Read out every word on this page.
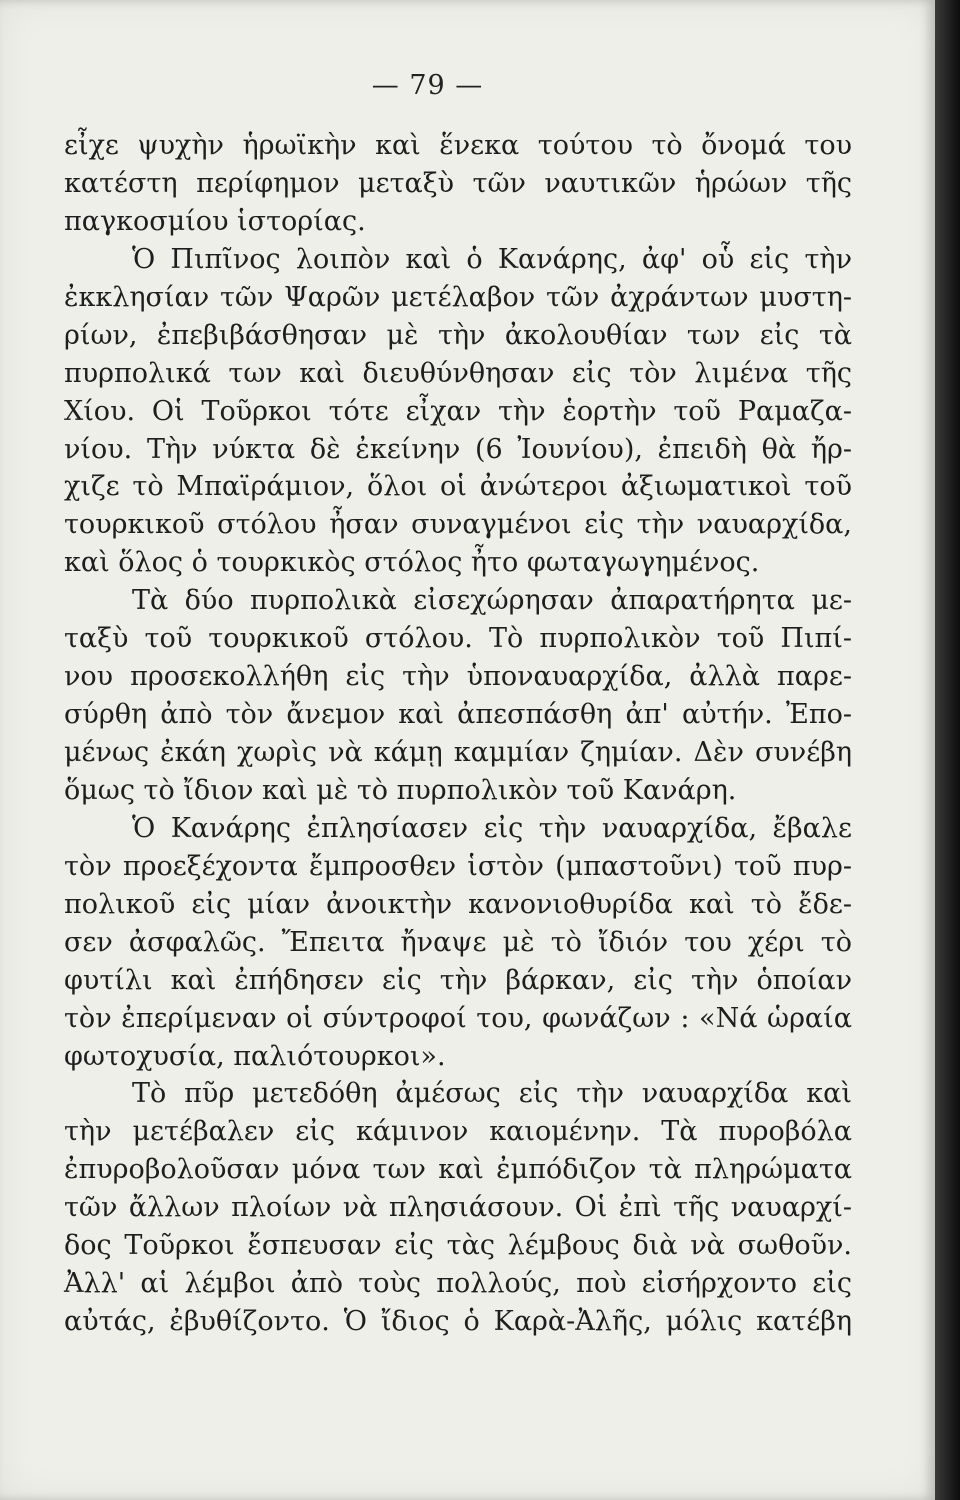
— 79 —
εἶχε ψυχὴν ἡρωϊκὴν καὶ ἕνεκα τούτου τὸ ὄνομά του
κατέστη περίφημον μεταξὺ τῶν ναυτικῶν ἡρώων τῆς
παγκοσμίου ἱστορίας.
Ὁ Πιπῖνος λοιπὸν καὶ ὁ Κανάρης, ἀφ' οὗ εἰς τὴν
ἐκκλησίαν τῶν Ψαρῶν μετέλαβον τῶν ἀχράντων μυστη-
ρίων, ἐπεβιβάσθησαν μὲ τὴν ἀκολουθίαν των εἰς τὰ
πυρπολικά των καὶ διευθύνθησαν εἰς τὸν λιμένα τῆς
Χίου. Οἱ Τοῦρκοι τότε εἶχαν τὴν ἑορτὴν τοῦ Ραμαζα-
νίου. Τὴν νύκτα δὲ ἐκείνην (6 Ἰουνίου), ἐπειδὴ θὰ ἤρ-
χιζε τὸ Μπαϊράμιον, ὅλοι οἱ ἀνώτεροι ἀξιωματικοὶ τοῦ
τουρκικοῦ στόλου ἦσαν συναγμένοι εἰς τὴν ναυαρχίδα,
καὶ ὅλος ὁ τουρκικὸς στόλος ἦτο φωταγωγημένος.
Τὰ δύο πυρπολικὰ εἰσεχώρησαν ἀπαρατήρητα με-
ταξὺ τοῦ τουρκικοῦ στόλου. Τὸ πυρπολικὸν τοῦ Πιπί-
νου προσεκολλήθη εἰς τὴν ὑποναυαρχίδα, ἀλλὰ παρε-
σύρθη ἀπὸ τὸν ἄνεμον καὶ ἀπεσπάσθη ἀπ' αὐτήν. Ἐπο-
μένως ἐκάη χωρὶς νὰ κάμῃ καμμίαν ζημίαν. Δὲν συνέβη
ὅμως τὸ ἴδιον καὶ μὲ τὸ πυρπολικὸν τοῦ Κανάρη.
Ὁ Κανάρης ἐπλησίασεν εἰς τὴν ναυαρχίδα, ἔβαλε
τὸν προεξέχοντα ἔμπροσθεν ἱστὸν (μπαστοῦνι) τοῦ πυρ-
πολικοῦ εἰς μίαν ἀνοικτὴν κανονιοθυρίδα καὶ τὸ ἔδε-
σεν ἀσφαλῶς. Ἔπειτα ἤναψε μὲ τὸ ἴδιόν του χέρι τὸ
φυτίλι καὶ ἐπήδησεν εἰς τὴν βάρκαν, εἰς τὴν ὁποίαν
τὸν ἐπερίμεναν οἱ σύντροφοί του, φωνάζων : «Νά ὡραία
φωτοχυσία, παλιότουρκοι».
Τὸ πῦρ μετεδόθη ἀμέσως εἰς τὴν ναυαρχίδα καὶ
τὴν μετέβαλεν εἰς κάμινον καιομένην. Τὰ πυροβόλα
ἐπυροβολοῦσαν μόνα των καὶ ἐμπόδιζον τὰ πληρώματα
τῶν ἄλλων πλοίων νὰ πλησιάσουν. Οἱ ἐπὶ τῆς ναυαρχί-
δος Τοῦρκοι ἔσπευσαν εἰς τὰς λέμβους διὰ νὰ σωθοῦν.
Ἀλλ' αἱ λέμβοι ἀπὸ τοὺς πολλούς, ποὺ εἰσήρχοντο εἰς
αὐτάς, ἐβυθίζοντο. Ὁ ἴδιος ὁ Καρὰ-Ἀλῆς, μόλις κατέβη
